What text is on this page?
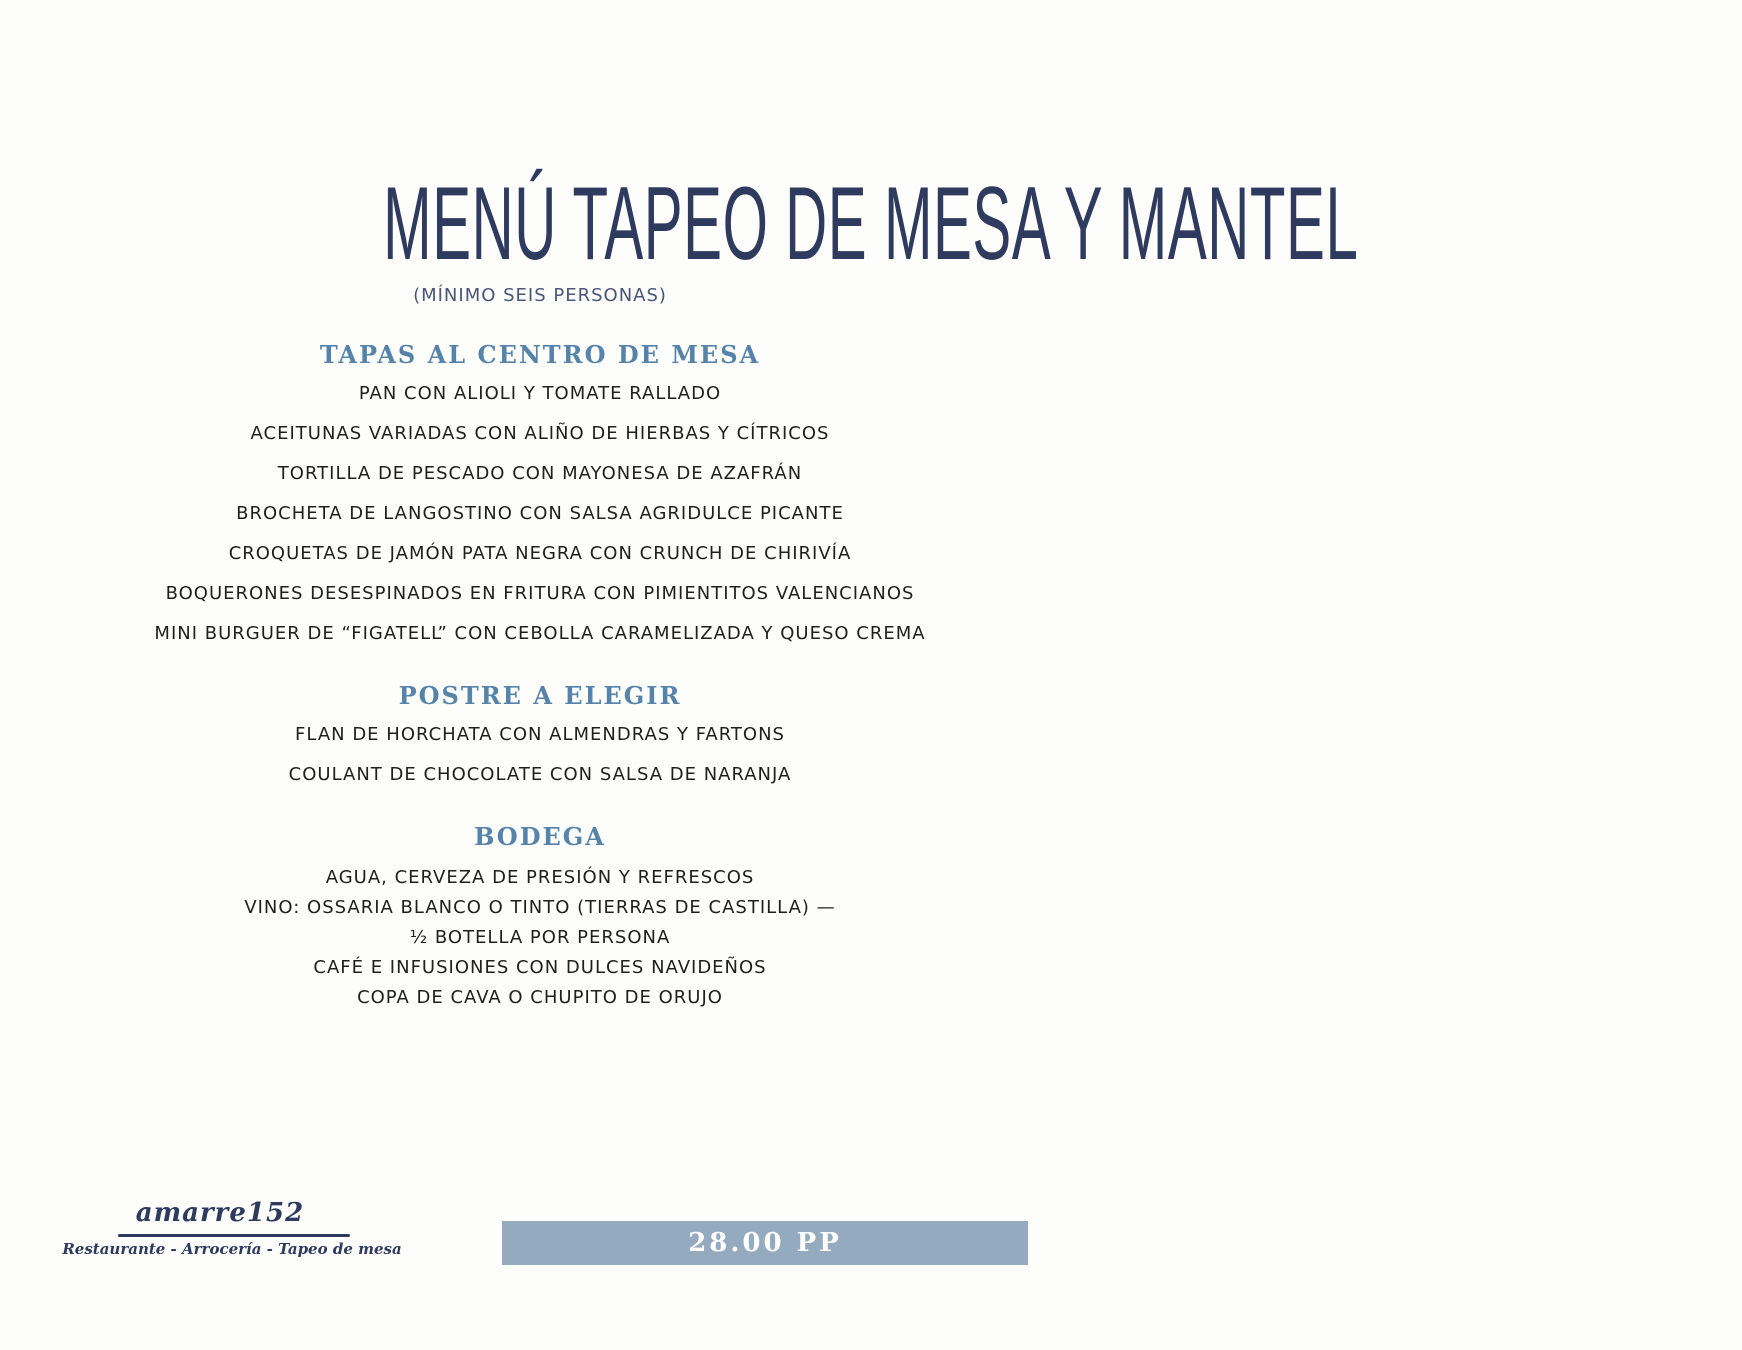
MENÚ TAPEO DE MESA Y MANTEL
(MÍNIMO SEIS PERSONAS)
TAPAS AL CENTRO DE MESA
PAN CON ALIOLI Y TOMATE RALLADO
ACEITUNAS VARIADAS CON ALIÑO DE HIERBAS Y CÍTRICOS
TORTILLA DE PESCADO CON MAYONESA DE AZAFRÁN
BROCHETA DE LANGOSTINO CON SALSA AGRIDULCE PICANTE
CROQUETAS DE JAMÓN PATA NEGRA CON CRUNCH DE CHIRIVÍA
BOQUERONES DESESPINADOS EN FRITURA CON PIMIENTITOS VALENCIANOS
MINI BURGUER DE “FIGATELL” CON CEBOLLA CARAMELIZADA Y QUESO CREMA
POSTRE A ELEGIR
FLAN DE HORCHATA CON ALMENDRAS Y FARTONS
COULANT DE CHOCOLATE CON SALSA DE NARANJA
BODEGA
AGUA, CERVEZA DE PRESIÓN Y REFRESCOS
VINO: OSSARIA BLANCO O TINTO (TIERRAS DE CASTILLA) —
½ BOTELLA POR PERSONA
CAFÉ E INFUSIONES CON DULCES NAVIDEÑOS
COPA DE CAVA O CHUPITO DE ORUJO
amarre152
Restaurante - Arrocería - Tapeo de mesa	28.00 PP
